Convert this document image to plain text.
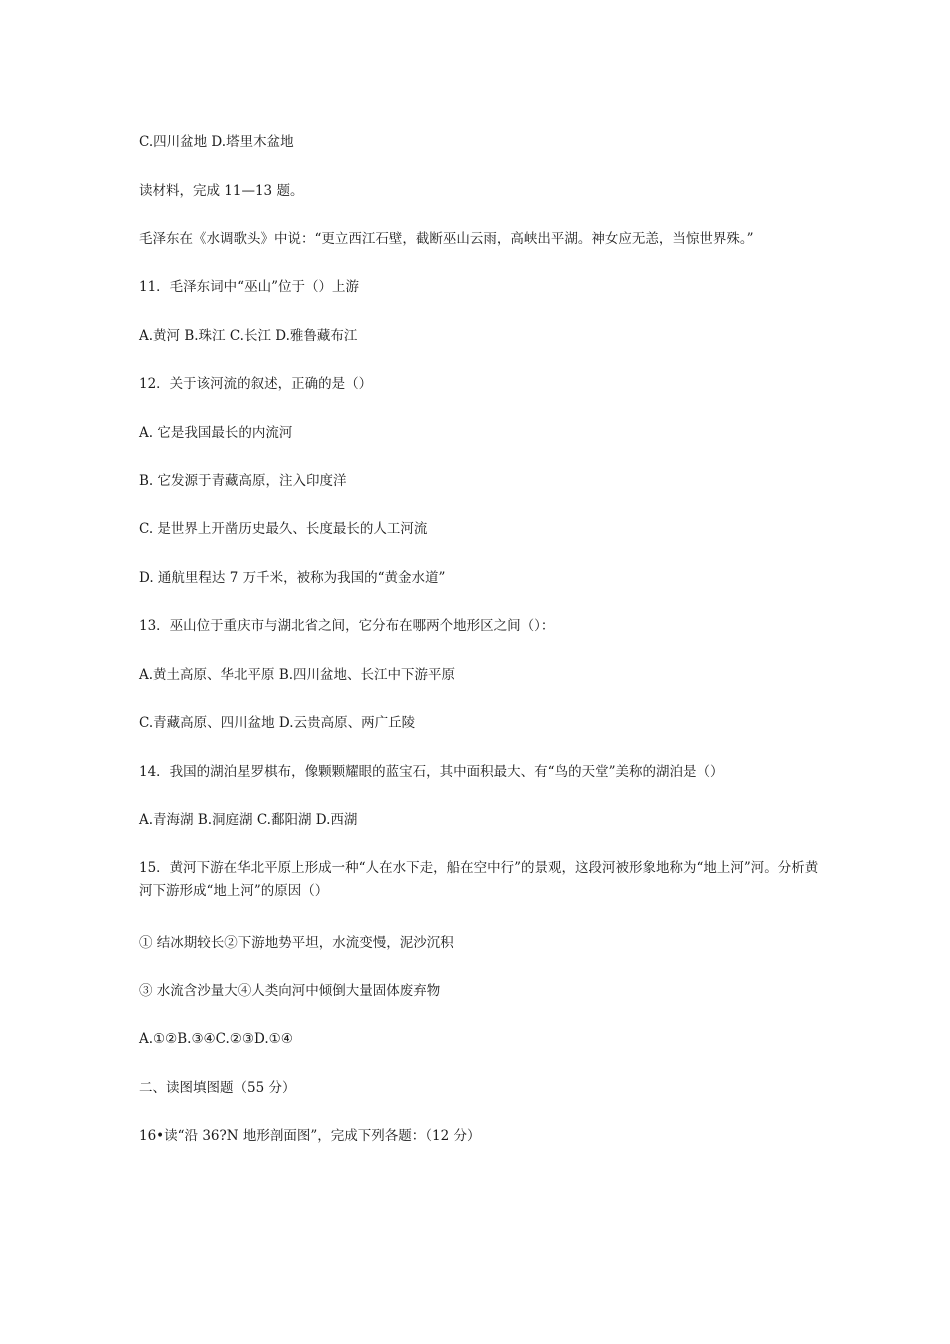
C.四川盆地 D.塔里木盆地
读材料，完成 11—13 题。
毛泽东在《水调歌头》中说：“更立西江石壁，截断巫山云雨，高峡出平湖。神女应无恙，当惊世界殊。”
11．毛泽东词中“巫山”位于（）上游
A.黄河 B.珠江 C.长江 D.雅鲁藏布江
12．关于该河流的叙述，正确的是（）
A. 它是我国最长的内流河
B. 它发源于青藏高原，注入印度洋
C. 是世界上开凿历史最久、长度最长的人工河流
D. 通航里程达 7 万千米，被称为我国的“黄金水道”
13．巫山位于重庆市与湖北省之间，它分布在哪两个地形区之间（）：
A.黄土高原、华北平原 B.四川盆地、长江中下游平原
C.青藏高原、四川盆地 D.云贵高原、两广丘陵
14．我国的湖泊星罗棋布，像颗颗耀眼的蓝宝石，其中面积最大、有“鸟的天堂”美称的湖泊是（）
A.青海湖 B.洞庭湖 C.鄱阳湖 D.西湖
15．黄河下游在华北平原上形成一种“人在水下走，船在空中行”的景观，这段河被形象地称为“地上河”河。分析黄河下游形成“地上河”的原因（）
① 结冰期较长②下游地势平坦，水流变慢，泥沙沉积
③ 水流含沙量大④人类向河中倾倒大量固体废弃物
A.①②B.③④C.②③D.①④
二、读图填图题（55 分）
16•读“沿 36?N 地形剖面图”，完成下列各题：（12 分）
